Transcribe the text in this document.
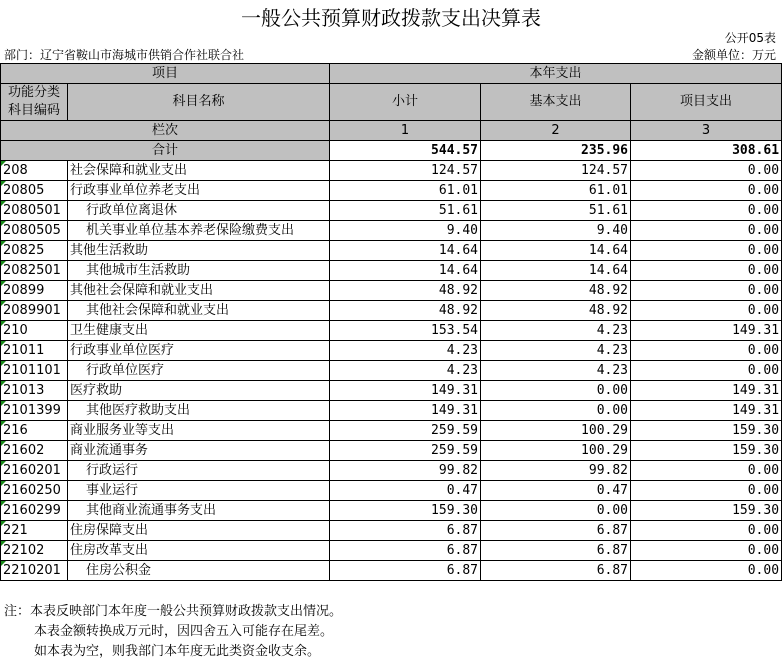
一般公共预算财政拨款支出决算表
公开05表
部门：辽宁省鞍山市海城市供销合作社联合社	金额单位：万元
项目		本年支出		
功能分类科目编码	科目名称	小计	基本支出	项目支出
栏次		1	2	3
合计		544.57	235.96	308.61
208	社会保障和就业支出	124.57	124.57	0.00
20805	行政事业单位养老支出	61.01	61.01	0.00
2080501	行政单位离退休	51.61	51.61	0.00
2080505	机关事业单位基本养老保险缴费支出	9.40	9.40	0.00
20825	其他生活救助	14.64	14.64	0.00
2082501	其他城市生活救助	14.64	14.64	0.00
20899	其他社会保障和就业支出	48.92	48.92	0.00
2089901	其他社会保障和就业支出	48.92	48.92	0.00
210	卫生健康支出	153.54	4.23	149.31
21011	行政事业单位医疗	4.23	4.23	0.00
2101101	行政单位医疗	4.23	4.23	0.00
21013	医疗救助	149.31	0.00	149.31
2101399	其他医疗救助支出	149.31	0.00	149.31
216	商业服务业等支出	259.59	100.29	159.30
21602	商业流通事务	259.59	100.29	159.30
2160201	行政运行	99.82	99.82	0.00
2160250	事业运行	0.47	0.47	0.00
2160299	其他商业流通事务支出	159.30	0.00	159.30
221	住房保障支出	6.87	6.87	0.00
22102	住房改革支出	6.87	6.87	0.00
2210201	住房公积金	6.87	6.87	0.00
注：本表反映部门本年度一般公共预算财政拨款支出情况。
本表金额转换成万元时，因四舍五入可能存在尾差。
如本表为空，则我部门本年度无此类资金收支余。
